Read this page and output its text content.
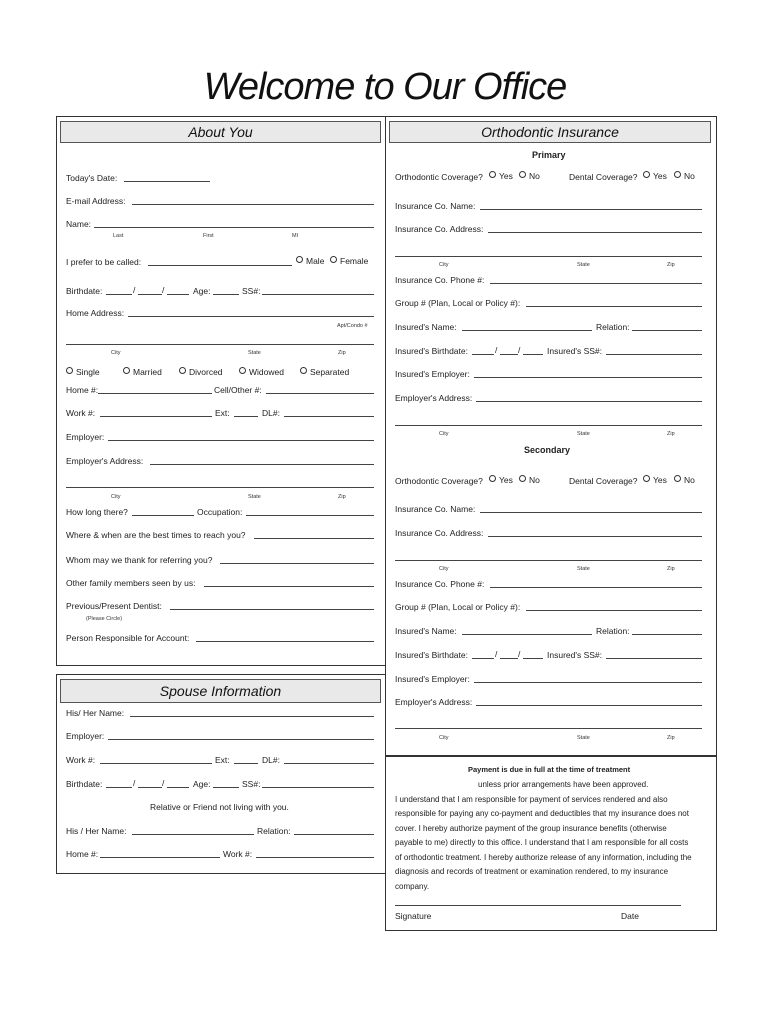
Welcome to Our Office
About You
Today's Date:
E-mail Address:
Name:
Last	First	MI
I prefer to be called:	Male	Female
Birthdate:	/	/	Age:	SS#:
Home Address:
Apt/Condo #
City	State	Zip
Single	Married	Divorced	Widowed	Separated
Home #:	Cell/Other #:
Work #:	Ext:	DL#:
Employer:
Employer's Address:
City	State	Zip
How long there?	Occupation:
Where & when are the best times to reach you?
Whom may we thank for referring you?
Other family members seen by us:
Previous/Present Dentist:
(Please Circle)
Person Responsible for Account:
Spouse Information
His/ Her Name:
Employer:
Work #:	Ext:	DL#:
Birthdate:	/	/	Age:	SS#:
Relative or Friend not living with you.
His / Her Name:	Relation:
Home #:	Work #:
Orthodontic Insurance
Primary
Orthodontic Coverage?	Yes	No	Dental Coverage?	Yes	No
Insurance Co. Name:
Insurance Co. Address:
City	State	Zip
Insurance Co. Phone #:
Group # (Plan, Local or Policy #):
Insured's Name:	Relation:
Insured's Birthdate:	/ /	Insured's SS#:
Insured's Employer:
Employer's Address:
City	State	Zip
Secondary
Orthodontic Coverage?	Yes	No	Dental Coverage?	Yes	No
Insurance Co. Name:
Insurance Co. Address:
City	State	Zip
Insurance Co. Phone #:
Group # (Plan, Local or Policy #):
Insured's Name:	Relation:
Insured's Birthdate:	/ /	Insured's SS#:
Insured's Employer:
Employer's Address:
City	State	Zip
Payment is due in full at the time of treatment
unless prior arrangements have been approved.
I understand that I am responsible for payment of services rendered and also
responsible for paying any co-payment and deductibles that my insurance does not
cover. I hereby authorize payment of the group insurance benefits (otherwise
payable to me) directly to this office. I understand that I am responsible for all costs
of orthodontic treatment. I hereby authorize release of any information, including the
diagnosis and records of treatment or examination rendered, to my insurance
company.
Signature	Date
